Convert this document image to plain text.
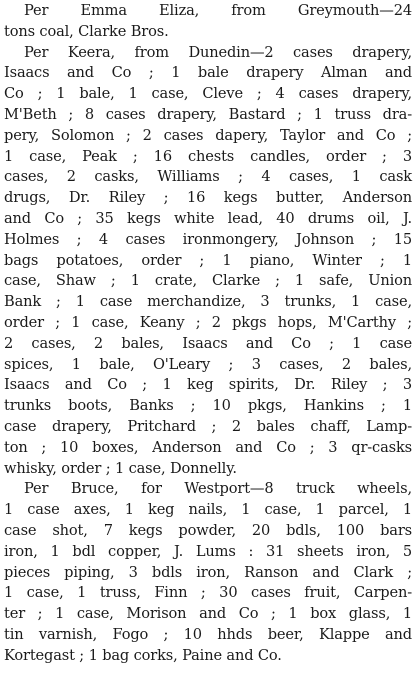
Per Emma Eliza, from Greymouth—24
tons coal, Clarke Bros.
Per Keera, from Dunedin—2 cases drapery,
Isaacs and Co ; 1 bale drapery Alman and
Co ; 1 bale, 1 case, Cleve ; 4 cases drapery,
M'Beth ; 8 cases drapery, Bastard ; 1 truss dra-
pery, Solomon ; 2 cases dapery, Taylor and Co ;
1 case, Peak ; 16 chests candles, order ; 3
cases, 2 casks, Williams ; 4 cases, 1 cask
drugs, Dr. Riley ; 16 kegs butter, Anderson
and Co ; 35 kegs white lead, 40 drums oil, J.
Holmes ; 4 cases ironmongery, Johnson ; 15
bags potatoes, order ; 1 piano, Winter ; 1
case, Shaw ; 1 crate, Clarke ; 1 safe, Union
Bank ; 1 case merchandize, 3 trunks, 1 case,
order ; 1 case, Keany ; 2 pkgs hops, M'Carthy ;
2 cases, 2 bales, Isaacs and Co ; 1 case
spices, 1 bale, O'Leary ; 3 cases, 2 bales,
Isaacs and Co ; 1 keg spirits, Dr. Riley ; 3
trunks boots, Banks ; 10 pkgs, Hankins ; 1
case drapery, Pritchard ; 2 bales chaff, Lamp-
ton ; 10 boxes, Anderson and Co ; 3 qr-casks
whisky, order ; 1 case, Donnelly.
Per Bruce, for Westport—8 truck wheels,
1 case axes, 1 keg nails, 1 case, 1 parcel, 1
case shot, 7 kegs powder, 20 bdls, 100 bars
iron, 1 bdl copper, J. Lums : 31 sheets iron, 5
pieces piping, 3 bdls iron, Ranson and Clark ;
1 case, 1 truss, Finn ; 30 cases fruit, Carpen-
ter ; 1 case, Morison and Co ; 1 box glass, 1
tin varnish, Fogo ; 10 hhds beer, Klappe and
Kortegast ; 1 bag corks, Paine and Co.
